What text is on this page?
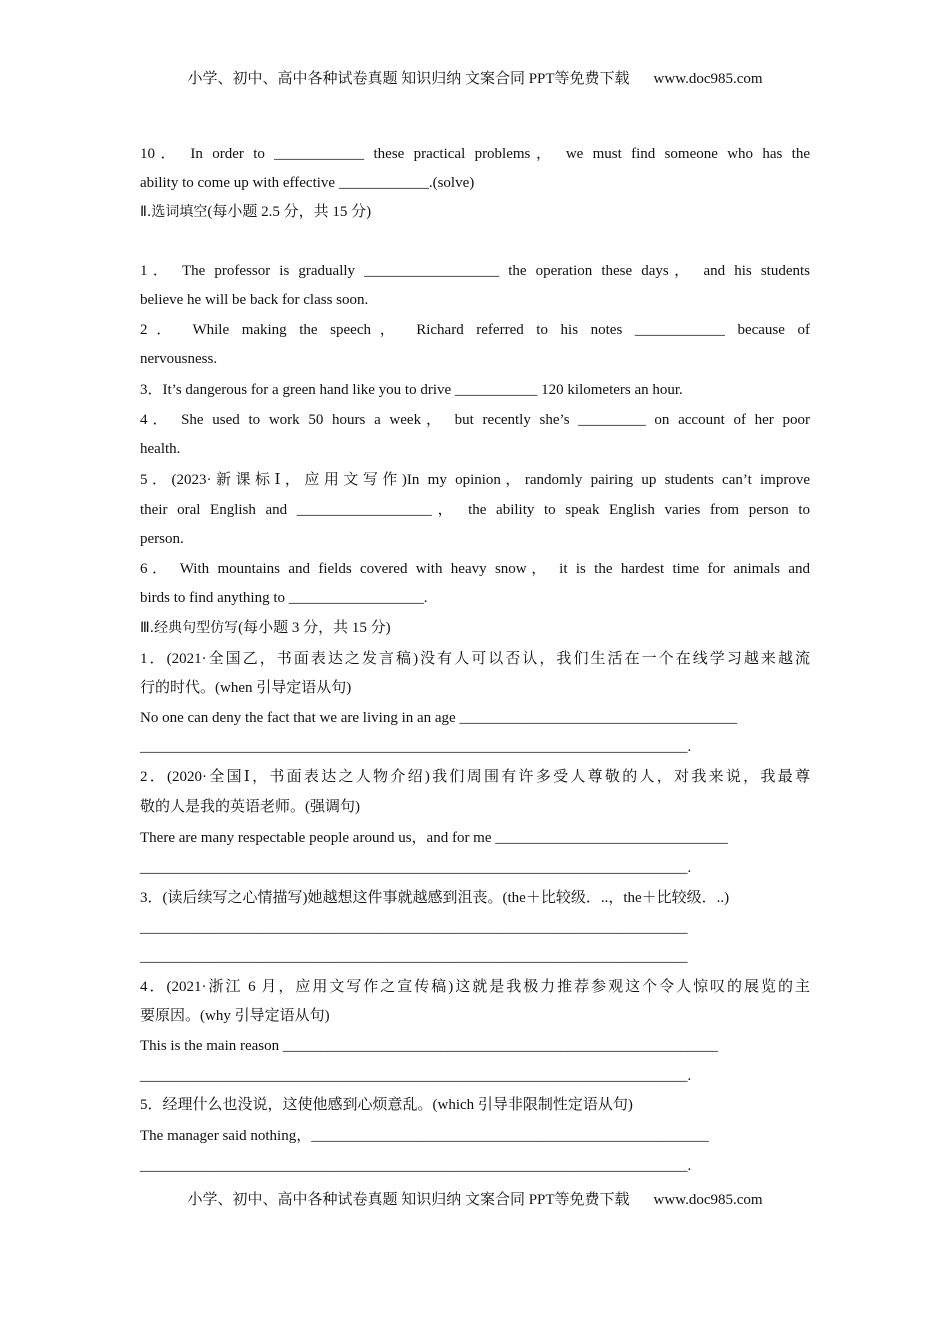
小学、初中、高中各种试卷真题 知识归纳 文案合同 PPT等免费下载 www.doc985.com
10． In order to ____________ these practical problems， we must find someone who has the
ability to come up with effective ____________.(solve)
Ⅱ.选词填空(每小题 2.5 分，共 15 分)
1． The professor is gradually __________________ the operation these days， and his students
believe he will be back for class soon.
2． While making the speech， Richard referred to his notes ____________ because of
nervousness.
3．It’s dangerous for a green hand like you to drive ___________ 120 kilometers an hour.
4． She used to work 50 hours a week， but recently she’s _________ on account of her poor
health.
5．(2023·新课标Ⅰ，应用文写作)In my opinion，randomly pairing up students can’t improve
their oral English and __________________， the ability to speak English varies from person to
person.
6． With mountains and fields covered with heavy snow， it is the hardest time for animals and
birds to find anything to __________________.
Ⅲ.经典句型仿写(每小题 3 分，共 15 分)
1．(2021·全国乙，书面表达之发言稿)没有人可以否认，我们生活在一个在线学习越来越流
行的时代。(when 引导定语从句)
No one can deny the fact that we are living in an age _____________________________________
_________________________________________________________________________.
2．(2020·全国Ⅰ，书面表达之人物介绍)我们周围有许多受人尊敬的人，对我来说，我最尊
敬的人是我的英语老师。(强调句)
There are many respectable people around us，and for me _______________________________
_________________________________________________________________________.
3．(读后续写之心情描写)她越想这件事就越感到沮丧。(the＋比较级．..，the＋比较级．..)
_________________________________________________________________________
_________________________________________________________________________
4．(2021·浙江 6 月，应用文写作之宣传稿)这就是我极力推荐参观这个令人惊叹的展览的主
要原因。(why 引导定语从句)
This is the main reason __________________________________________________________
_________________________________________________________________________.
5．经理什么也没说，这使他感到心烦意乱。(which 引导非限制性定语从句)
The manager said nothing，_____________________________________________________
_________________________________________________________________________.
小学、初中、高中各种试卷真题 知识归纳 文案合同 PPT等免费下载 www.doc985.com
